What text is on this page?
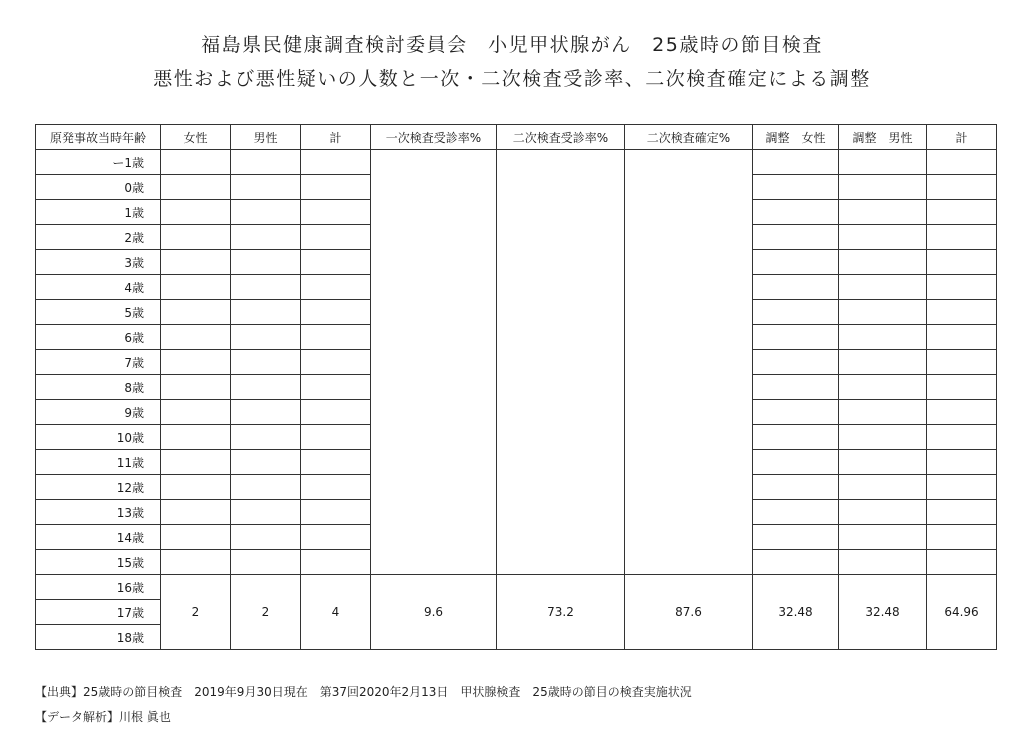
福島県民健康調査検討委員会　小児甲状腺がん　25歳時の節目検査
悪性および悪性疑いの人数と一次・二次検査受診率、二次検査確定による調整
原発事故当時年齢	女性	男性	計	一次検査受診率%	二次検査受診率%	二次検査確定%	調整　女性	調整　男性	計
ー1歳									
0歳									
1歳									
2歳									
3歳									
4歳									
5歳									
6歳									
7歳									
8歳									
9歳									
10歳									
11歳									
12歳									
13歳									
14歳									
15歳									
16歳	2	2	4	9.6	73.2	87.6	32.48	32.48	64.96
17歳									
18歳									
【出典】25歳時の節目検査　2019年9月30日現在　第37回2020年2月13日　甲状腺検査　25歳時の節目の検査実施状況
【データ解析】川根 眞也
